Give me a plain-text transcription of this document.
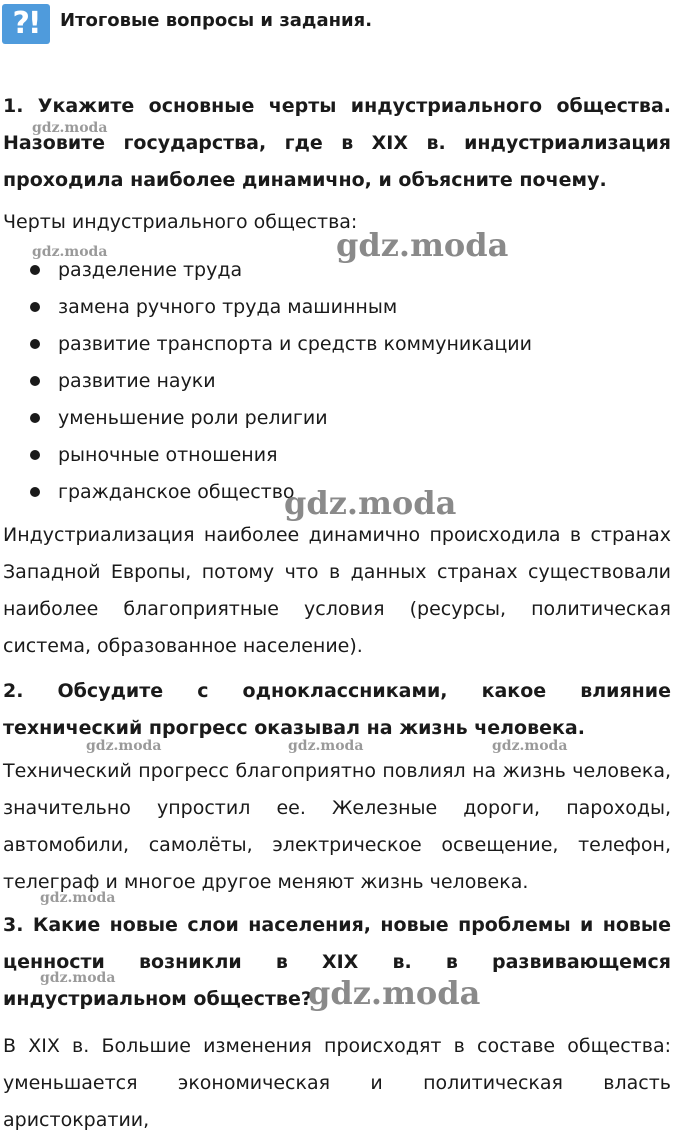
?!	Итоговые вопросы и задания.
1. Укажите основные черты индустриального общества. Назовите государства, где в XIX в. индустриализация проходила наиболее динамично, и объясните почему.
Черты индустриального общества:
разделение труда
замена ручного труда машинным
развитие транспорта и средств коммуникации
развитие науки
уменьшение роли религии
рыночные отношения
гражданское общество
Индустриализация наиболее динамично происходила в странах Западной Европы, потому что в данных странах существовали наиболее благоприятные условия (ресурсы, политическая система, образованное население).
2. Обсудите с одноклассниками, какое влияние технический прогресс оказывал на жизнь человека.
Технический прогресс благоприятно повлиял на жизнь человека, значительно упростил ее. Железные дороги, пароходы, автомобили, самолёты, электрическое освещение, телефон, телеграф и многое другое меняют жизнь человека.
3. Какие новые слои населения, новые проблемы и новые
ценности возникли в XIX в. в развивающемся
индустриальном обществе?
В XIX в. Большие изменения происходят в составе общества: уменьшается экономическая и политическая власть аристократии,
gdz.moda
gdz.moda	gdz.moda
gdz.moda
gdz.moda	gdz.moda	gdz.moda
gdz.moda
gdz.moda	gdz.moda
